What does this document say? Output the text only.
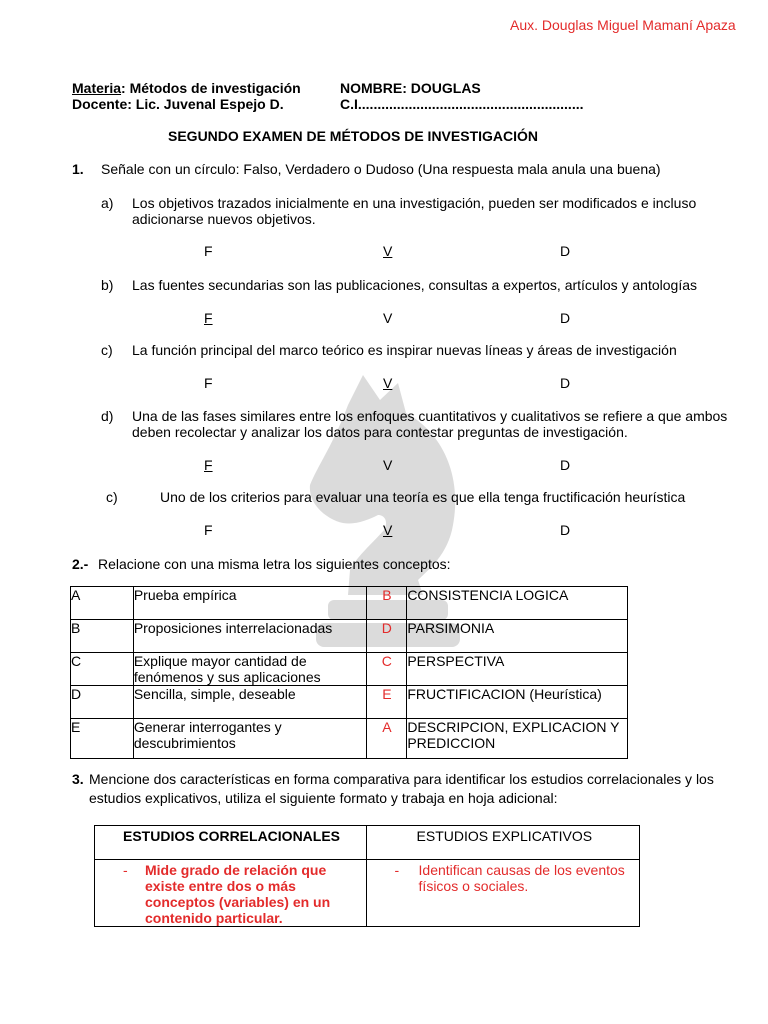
Aux. Douglas Miguel Mamaní Apaza
Materia: Métodos de investigación	NOMBRE: DOUGLAS
Docente: Lic. Juvenal Espejo D.	C.I..........................................................
SEGUNDO EXAMEN DE MÉTODOS DE INVESTIGACIÓN
1. Señale con un círculo: Falso, Verdadero o Dudoso (Una respuesta mala anula una buena)
a) Los objetivos trazados inicialmente en una investigación, pueden ser modificados e incluso
adicionarse nuevos objetivos.
F	V	D
b) Las fuentes secundarias son las publicaciones, consultas a expertos, artículos y antologías
F	V	D
c) La función principal del marco teórico es inspirar nuevas líneas y áreas de investigación
F	V	D
d) Una de las fases similares entre los enfoques cuantitativos y cualitativos se refiere a que ambos
deben recolectar y analizar los datos para contestar preguntas de investigación.
F	V	D
c)	Uno de los criterios para evaluar una teoría es que ella tenga fructificación heurística
F	V	D
2.- Relacione con una misma letra los siguientes conceptos:
A	Prueba empírica	B	CONSISTENCIA LOGICA
B	Proposiciones interrelacionadas	D	PARSIMONIA
C	Explique mayor cantidad de
fenómenos y sus aplicaciones	C	PERSPECTIVA
D	Sencilla, simple, deseable	E	FRUCTIFICACION (Heurística)
E	Generar interrogantes y
descubrimientos	A	DESCRIPCION, EXPLICACION Y
PREDICCION
3. Mencione dos características en forma comparativa para identificar los estudios correlacionales y los
estudios explicativos, utiliza el siguiente formato y trabaja en hoja adicional:
ESTUDIOS CORRELACIONALES	ESTUDIOS EXPLICATIVOS

- Mide grado de relación que
existe entre dos o más
conceptos (variables) en un
contenido particular.	- Identifican causas de los eventos
físicos o sociales.
